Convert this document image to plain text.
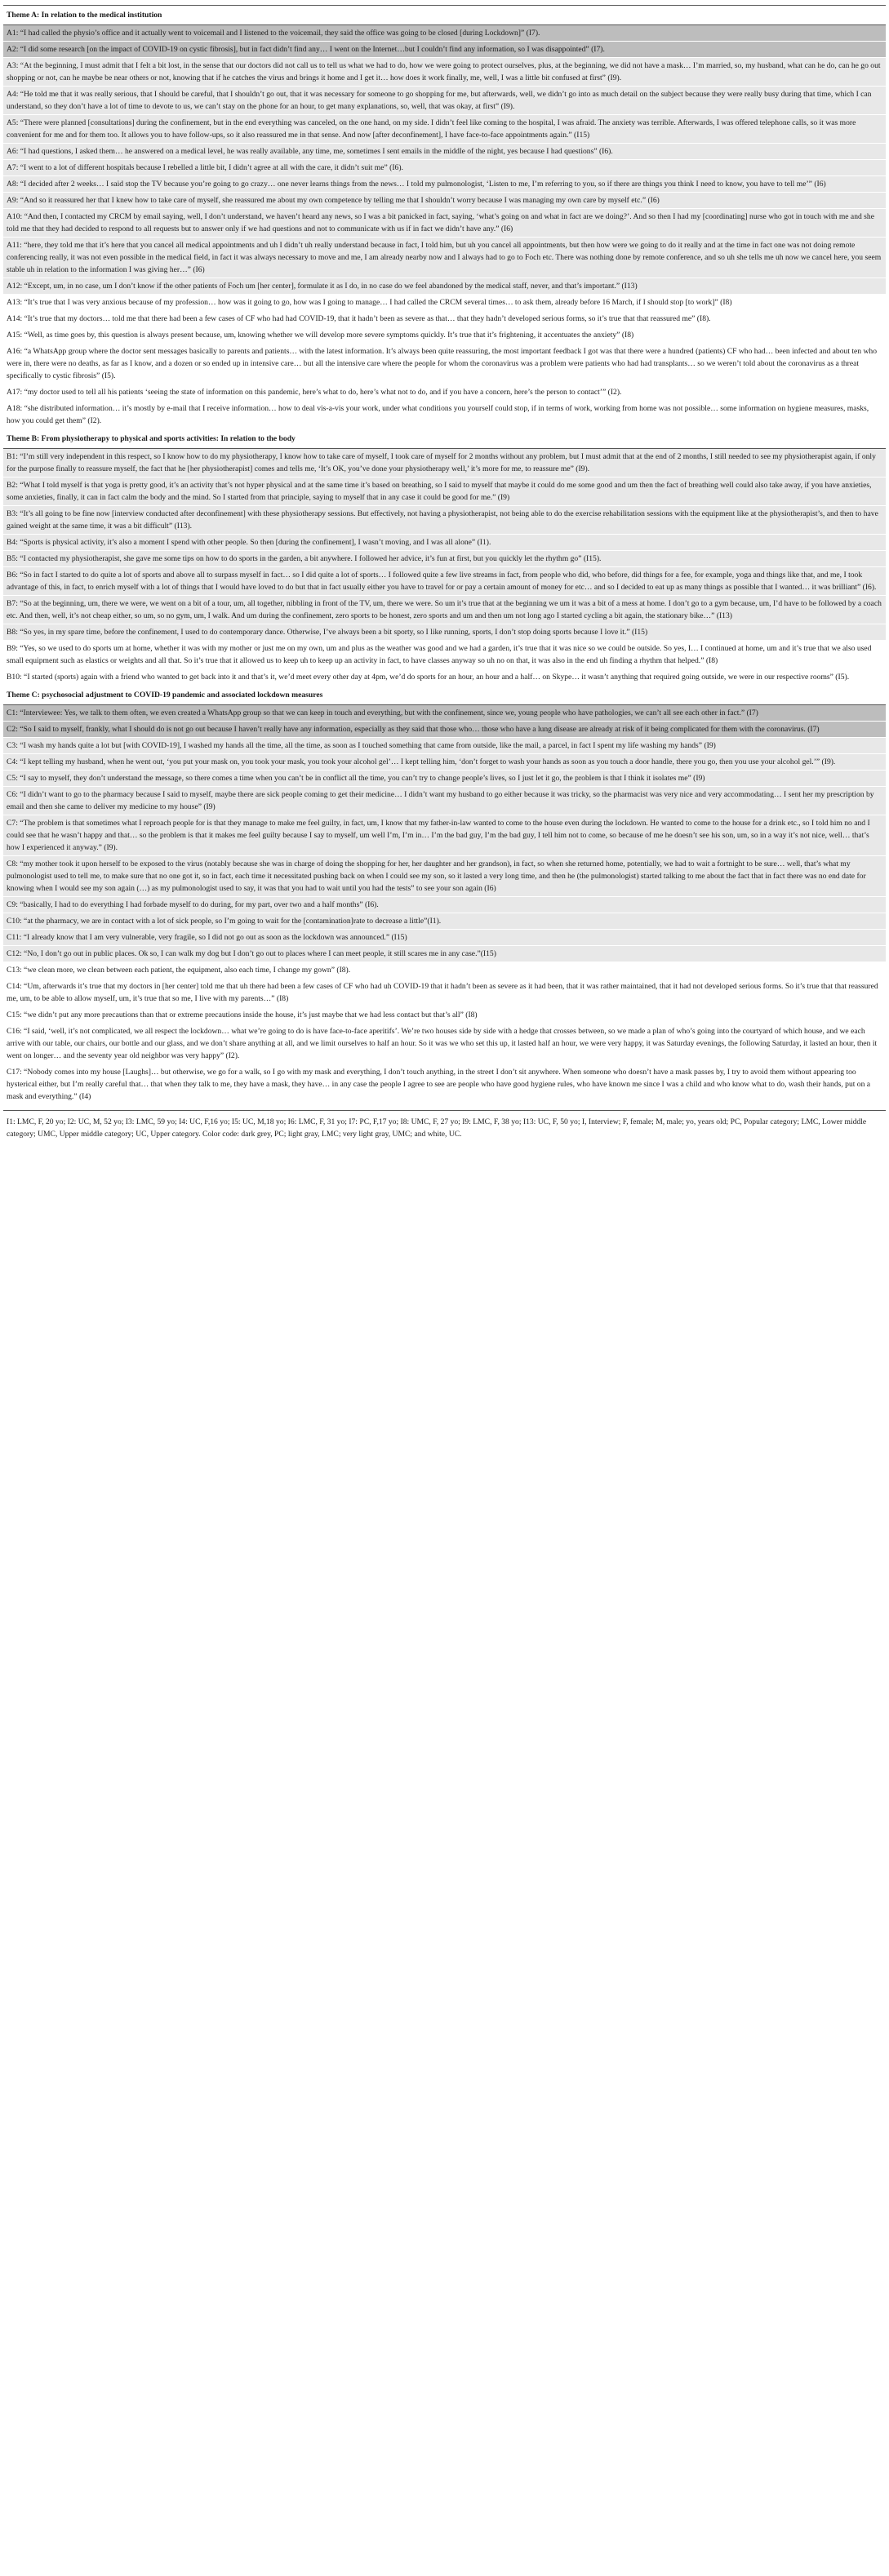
Theme A: In relation to the medical institution
A1: “I had called the physio’s office and it actually went to voicemail and I listened to the voicemail, they said the office was going to be closed [during Lockdown]” (I7).
A2: “I did some research [on the impact of COVID-19 on cystic fibrosis], but in fact didn’t find any… I went on the Internet…but I couldn’t find any information, so I was disappointed” (I7).
A3: “At the beginning, I must admit that I felt a bit lost, in the sense that our doctors did not call us to tell us what we had to do, how we were going to protect ourselves, plus, at the beginning, we did not have a mask… I’m married, so, my husband, what can he do, can he go out shopping or not, can he maybe be near others or not, knowing that if he catches the virus and brings it home and I get it… how does it work finally, me, well, I was a little bit confused at first” (I9).
A4: “He told me that it was really serious, that I should be careful, that I shouldn’t go out, that it was necessary for someone to go shopping for me, but afterwards, well, we didn’t go into as much detail on the subject because they were really busy during that time, which I can understand, so they don’t have a lot of time to devote to us, we can’t stay on the phone for an hour, to get many explanations, so, well, that was okay, at first” (I9).
A5: “There were planned [consultations] during the confinement, but in the end everything was canceled, on the one hand, on my side. I didn’t feel like coming to the hospital, I was afraid. The anxiety was terrible. Afterwards, I was offered telephone calls, so it was more convenient for me and for them too. It allows you to have follow-ups, so it also reassured me in that sense. And now [after deconfinement], I have face-to-face appointments again.” (I15)
A6: “I had questions, I asked them… he answered on a medical level, he was really available, any time, me, sometimes I sent emails in the middle of the night, yes because I had questions” (I6).
A7: “I went to a lot of different hospitals because I rebelled a little bit, I didn’t agree at all with the care, it didn’t suit me” (I6).
A8: “I decided after 2 weeks… I said stop the TV because you’re going to go crazy… one never learns things from the news… I told my pulmonologist, ‘Listen to me, I’m referring to you, so if there are things you think I need to know, you have to tell me’” (I6)
A9: “And so it reassured her that I knew how to take care of myself, she reassured me about my own competence by telling me that I shouldn’t worry because I was managing my own care by myself etc.” (I6)
A10: “And then, I contacted my CRCM by email saying, well, I don’t understand, we haven’t heard any news, so I was a bit panicked in fact, saying, ‘what’s going on and what in fact are we doing?’. And so then I had my [coordinating] nurse who got in touch with me and she told me that they had decided to respond to all requests but to answer only if we had questions and not to communicate with us if in fact we didn’t have any.” (I6)
A11: “here, they told me that it’s here that you cancel all medical appointments and uh I didn’t uh really understand because in fact, I told him, but uh you cancel all appointments, but then how were we going to do it really and at the time in fact one was not doing remote conferencing really, it was not even possible in the medical field, in fact it was always necessary to move and me, I am already nearby now and I always had to go to Foch etc. There was nothing done by remote conference, and so uh she tells me uh now we cancel here, you seem stable uh in relation to the information I was giving her…” (I6)
A12: “Except, um, in no case, um I don’t know if the other patients of Foch um [her center], formulate it as I do, in no case do we feel abandoned by the medical staff, never, and that’s important.” (I13)
A13: “It’s true that I was very anxious because of my profession… how was it going to go, how was I going to manage… I had called the CRCM several times… to ask them, already before 16 March, if I should stop [to work]” (I8)
A14: “It’s true that my doctors… told me that there had been a few cases of CF who had had COVID-19, that it hadn’t been as severe as that… that they hadn’t developed serious forms, so it’s true that that reassured me” (I8).
A15: “Well, as time goes by, this question is always present because, um, knowing whether we will develop more severe symptoms quickly. It’s true that it’s frightening, it accentuates the anxiety” (I8)
A16: “a WhatsApp group where the doctor sent messages basically to parents and patients… with the latest information. It’s always been quite reassuring, the most important feedback I got was that there were a hundred (patients) CF who had… been infected and about ten who were in, there were no deaths, as far as I know, and a dozen or so ended up in intensive care… but all the intensive care where the people for whom the coronavirus was a problem were patients who had had transplants… so we weren’t told about the coronavirus as a threat specifically to cystic fibrosis” (I5).
A17: “my doctor used to tell all his patients ‘seeing the state of information on this pandemic, here’s what to do, here’s what not to do, and if you have a concern, here’s the person to contact’” (I2).
A18: “she distributed information… it’s mostly by e-mail that I receive information… how to deal vis-a-vis your work, under what conditions you yourself could stop, if in terms of work, working from home was not possible… some information on hygiene measures, masks, how you could get them” (I2).
Theme B: From physiotherapy to physical and sports activities: In relation to the body
B1: “I’m still very independent in this respect, so I know how to do my physiotherapy, I know how to take care of myself, I took care of myself for 2 months without any problem, but I must admit that at the end of 2 months, I still needed to see my physiotherapist again, if only for the purpose finally to reassure myself, the fact that he [her physiotherapist] comes and tells me, ‘It’s OK, you’ve done your physiotherapy well,’ it’s more for me, to reassure me” (I9).
B2: “What I told myself is that yoga is pretty good, it’s an activity that’s not hyper physical and at the same time it’s based on breathing, so I said to myself that maybe it could do me some good and um then the fact of breathing well could also take away, if you have anxieties, some anxieties, finally, it can in fact calm the body and the mind. So I started from that principle, saying to myself that in any case it could be good for me.” (I9)
B3: “It’s all going to be fine now [interview conducted after deconfinement] with these physiotherapy sessions. But effectively, not having a physiotherapist, not being able to do the exercise rehabilitation sessions with the equipment like at the physiotherapist’s, and then to have gained weight at the same time, it was a bit difficult” (I13).
B4: “Sports is physical activity, it’s also a moment I spend with other people. So then [during the confinement], I wasn’t moving, and I was all alone” (I1).
B5: “I contacted my physiotherapist, she gave me some tips on how to do sports in the garden, a bit anywhere. I followed her advice, it’s fun at first, but you quickly let the rhythm go” (I15).
B6: “So in fact I started to do quite a lot of sports and above all to surpass myself in fact… so I did quite a lot of sports… I followed quite a few live streams in fact, from people who did, who before, did things for a fee, for example, yoga and things like that, and me, I took advantage of this, in fact, to enrich myself with a lot of things that I would have loved to do but that in fact usually either you have to travel for or pay a certain amount of money for etc… and so I decided to eat up as many things as possible that I wanted… it was brilliant” (I6).
B7: “So at the beginning, um, there we were, we went on a bit of a tour, um, all together, nibbling in front of the TV, um, there we were. So um it’s true that at the beginning we um it was a bit of a mess at home. I don’t go to a gym because, um, I’d have to be followed by a coach etc. And then, well, it’s not cheap either, so um, so no gym, um, I walk. And um during the confinement, zero sports to be honest, zero sports and um and then um not long ago I started cycling a bit again, the stationary bike…” (I13)
B8: “So yes, in my spare time, before the confinement, I used to do contemporary dance. Otherwise, I’ve always been a bit sporty, so I like running, sports, I don’t stop doing sports because I love it.” (I15)
B9: “Yes, so we used to do sports um at home, whether it was with my mother or just me on my own, um and plus as the weather was good and we had a garden, it’s true that it was nice so we could be outside. So yes, I… I continued at home, um and it’s true that we also used small equipment such as elastics or weights and all that. So it’s true that it allowed us to keep uh to keep up an activity in fact, to have classes anyway so uh no on that, it was also in the end uh finding a rhythm that helped.” (I8)
B10: “I started (sports) again with a friend who wanted to get back into it and that’s it, we’d meet every other day at 4pm, we’d do sports for an hour, an hour and a half… on Skype… it wasn’t anything that required going outside, we were in our respective rooms” (I5).
Theme C: psychosocial adjustment to COVID-19 pandemic and associated lockdown measures
C1: “Interviewee: Yes, we talk to them often, we even created a WhatsApp group so that we can keep in touch and everything, but with the confinement, since we, young people who have pathologies, we can’t all see each other in fact.” (I7)
C2: “So I said to myself, frankly, what I should do is not go out because I haven’t really have any information, especially as they said that those who… those who have a lung disease are already at risk of it being complicated for them with the coronavirus. (I7)
C3: “I wash my hands quite a lot but [with COVID-19], I washed my hands all the time, all the time, as soon as I touched something that came from outside, like the mail, a parcel, in fact I spent my life washing my hands” (I9)
C4: “I kept telling my husband, when he went out, ‘you put your mask on, you took your mask, you took your alcohol gel’… I kept telling him, ‘don’t forget to wash your hands as soon as you touch a door handle, there you go, then you use your alcohol gel.’” (I9).
C5: “I say to myself, they don’t understand the message, so there comes a time when you can’t be in conflict all the time, you can’t try to change people’s lives, so I just let it go, the problem is that I think it isolates me” (I9)
C6: “I didn’t want to go to the pharmacy because I said to myself, maybe there are sick people coming to get their medicine… I didn’t want my husband to go either because it was tricky, so the pharmacist was very nice and very accommodating… I sent her my prescription by email and then she came to deliver my medicine to my house” (I9)
C7: “The problem is that sometimes what I reproach people for is that they manage to make me feel guilty, in fact, um, I know that my father-in-law wanted to come to the house even during the lockdown. He wanted to come to the house for a drink etc., so I told him no and I could see that he wasn’t happy and that… so the problem is that it makes me feel guilty because I say to myself, um well I’m, I’m in… I’m the bad guy, I’m the bad guy, I tell him not to come, so because of me he doesn’t see his son, um, so in a way it’s not nice, well… that’s how I experienced it anyway.” (I9).
C8: “my mother took it upon herself to be exposed to the virus (notably because she was in charge of doing the shopping for her, her daughter and her grandson), in fact, so when she returned home, potentially, we had to wait a fortnight to be sure… well, that’s what my pulmonologist used to tell me, to make sure that no one got it, so in fact, each time it necessitated pushing back on when I could see my son, so it lasted a very long time, and then he (the pulmonologist) started talking to me about the fact that in fact there was no end date for knowing when I would see my son again (…) as my pulmonologist used to say, it was that you had to wait until you had the tests” to see your son again (I6)
C9: “basically, I had to do everything I had forbade myself to do during, for my part, over two and a half months” (I6).
C10: “at the pharmacy, we are in contact with a lot of sick people, so I’m going to wait for the [contamination]rate to decrease a little”(I1).
C11: “I already know that I am very vulnerable, very fragile, so I did not go out as soon as the lockdown was announced.” (I15)
C12: “No, I don’t go out in public places. Ok so, I can walk my dog but I don’t go out to places where I can meet people, it still scares me in any case.”(I15)
C13: “we clean more, we clean between each patient, the equipment, also each time, I change my gown” (I8).
C14: “Um, afterwards it’s true that my doctors in [her center] told me that uh there had been a few cases of CF who had uh COVID-19 that it hadn’t been as severe as it had been, that it was rather maintained, that it had not developed serious forms. So it’s true that that reassured me, um, to be able to allow myself, um, it’s true that so me, I live with my parents…” (I8)
C15: “we didn’t put any more precautions than that or extreme precautions inside the house, it’s just maybe that we had less contact but that’s all” (I8)
C16: “I said, ‘well, it’s not complicated, we all respect the lockdown… what we’re going to do is have face-to-face aperitifs’. We’re two houses side by side with a hedge that crosses between, so we made a plan of who’s going into the courtyard of which house, and we each arrive with our table, our chairs, our bottle and our glass, and we don’t share anything at all, and we limit ourselves to half an hour. So it was we who set this up, it lasted half an hour, we were very happy, it was Saturday evenings, the following Saturday, it lasted an hour, then it went on longer… and the seventy year old neighbor was very happy” (I2).
C17: “Nobody comes into my house [Laughs]… but otherwise, we go for a walk, so I go with my mask and everything, I don’t touch anything, in the street I don’t sit anywhere. When someone who doesn’t have a mask passes by, I try to avoid them without appearing too hysterical either, but I’m really careful that… that when they talk to me, they have a mask, they have… in any case the people I agree to see are people who have good hygiene rules, who have known me since I was a child and who know what to do, wash their hands, put on a mask and everything.” (I4)
I1: LMC, F, 20 yo; I2: UC, M, 52 yo; I3: LMC, 59 yo; I4: UC, F,16 yo; I5: UC, M,18 yo; I6: LMC, F, 31 yo; I7: PC, F,17 yo; I8: UMC, F, 27 yo; I9: LMC, F, 38 yo; I13: UC, F, 50 yo; I, Interview; F, female; M, male; yo, years old; PC, Popular category; LMC, Lower middle category; UMC, Upper middle category; UC, Upper category. Color code: dark grey, PC; light gray, LMC; very light gray, UMC; and white, UC.
